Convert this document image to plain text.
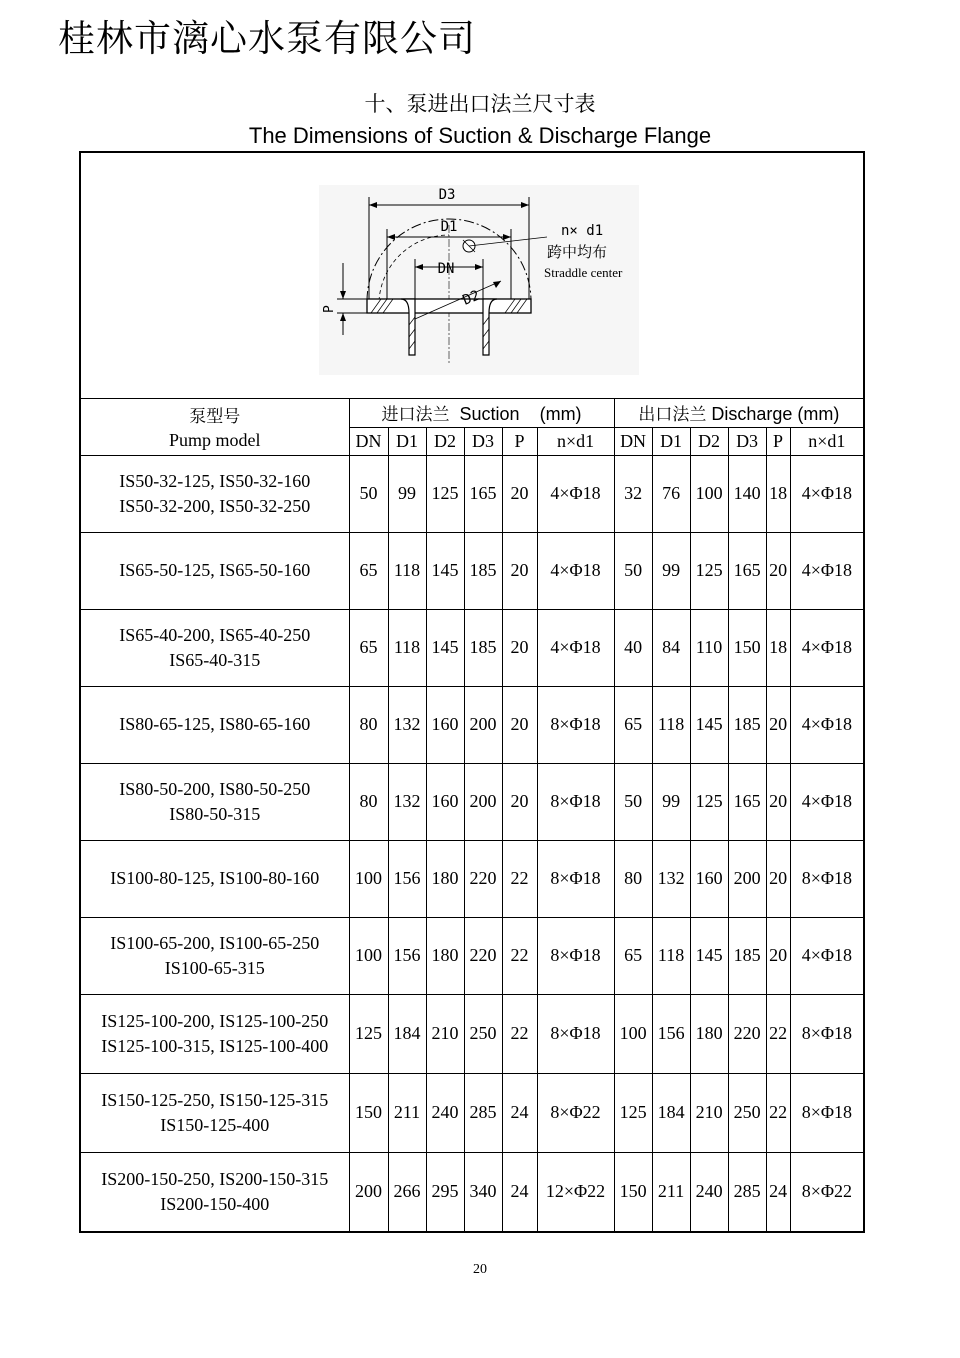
桂林市漓心水泵有限公司
十、泵进出口法兰尺寸表
The Dimensions of Suction & Discharge Flange
D3
D1
DN
D2
P
n× d1
跨中均布
Straddle center
泵型号
Pump model	进口法兰 Suction (mm)						出口法兰 Discharge (mm)					
	DN	D1	D2	D3	P	n×d1	DN	D1	D2	D3	P	n×d1

IS50-32-125, IS50-32-160
IS50-32-200, IS50-32-250	50	99	125	165	20	4×Φ18	32	76	100	140	18	4×Φ18

IS65-50-125, IS65-50-160	65	118	145	185	20	4×Φ18	50	99	125	165	20	4×Φ18

IS65-40-200, IS65-40-250
IS65-40-315	65	118	145	185	20	4×Φ18	40	84	110	150	18	4×Φ18

IS80-65-125, IS80-65-160	80	132	160	200	20	8×Φ18	65	118	145	185	20	4×Φ18

IS80-50-200, IS80-50-250
IS80-50-315	80	132	160	200	20	8×Φ18	50	99	125	165	20	4×Φ18

IS100-80-125, IS100-80-160	100	156	180	220	22	8×Φ18	80	132	160	200	20	8×Φ18

IS100-65-200, IS100-65-250
IS100-65-315	100	156	180	220	22	8×Φ18	65	118	145	185	20	4×Φ18

IS125-100-200, IS125-100-250
IS125-100-315, IS125-100-400	125	184	210	250	22	8×Φ18	100	156	180	220	22	8×Φ18

IS150-125-250, IS150-125-315
IS150-125-400	150	211	240	285	24	8×Φ22	125	184	210	250	22	8×Φ18

IS200-150-250, IS200-150-315
IS200-150-400	200	266	295	340	24	12×Φ22	150	211	240	285	24	8×Φ22
20
